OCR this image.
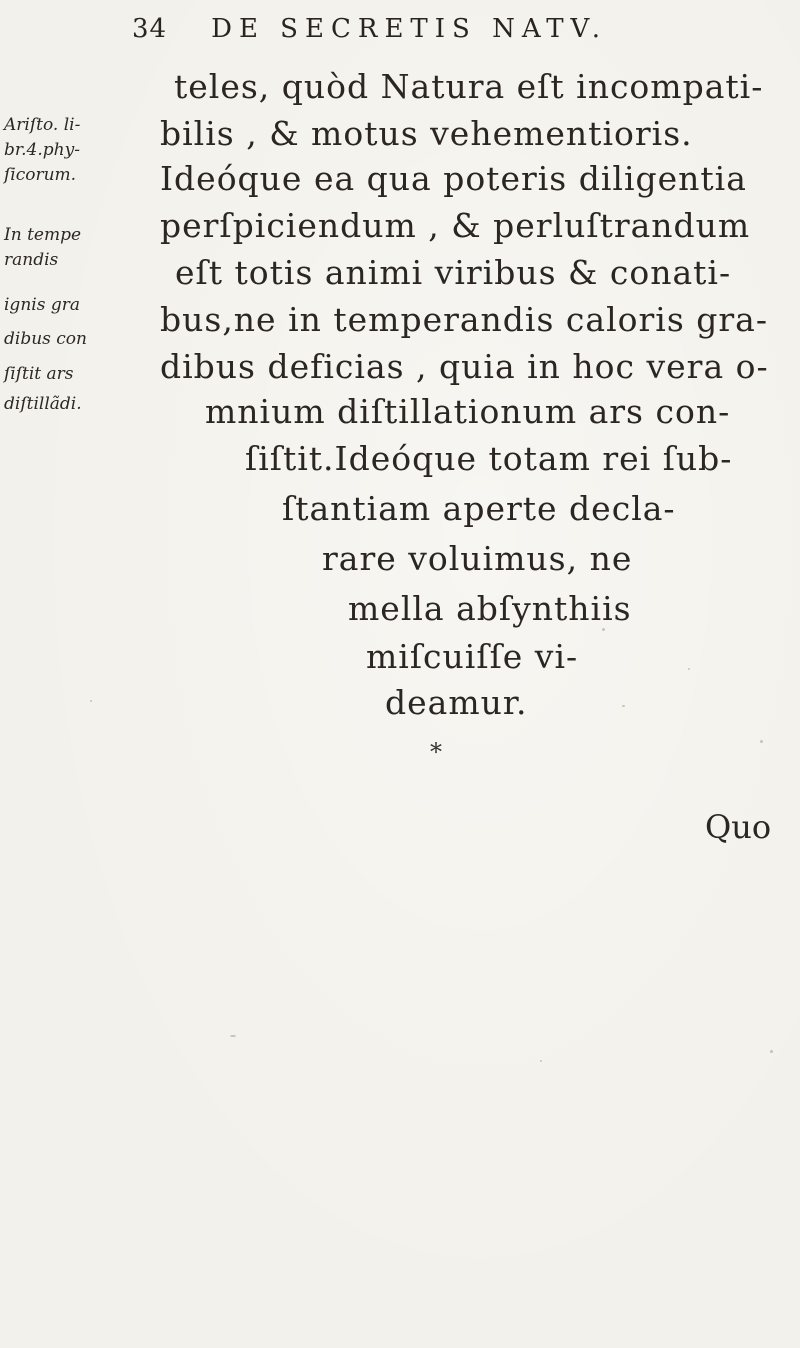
34 DE SECRETIS NATV.
teles, quòd Natura eſt incompati-
bilis , & motus vehementioris.
Ideóque ea qua poteris diligentia
perſpiciendum , & perluſtrandum
eſt totis animi viribus & conati-
bus,ne in temperandis caloris gra-
dibus deficias , quia in hoc vera o-
mnium diſtillationum ars con-
ſiſtit.Ideóque totam rei ſub-
ſtantiam aperte decla-
rare voluimus, ne
mella abſynthiis
miſcuiſſe vi-
deamur.
Ariſto. li-
br.4.phy-
ſicorum.
In tempe
randis
ignis gra
dibus con
ſiſtit ars
diſtillãdi.
*
Quo
